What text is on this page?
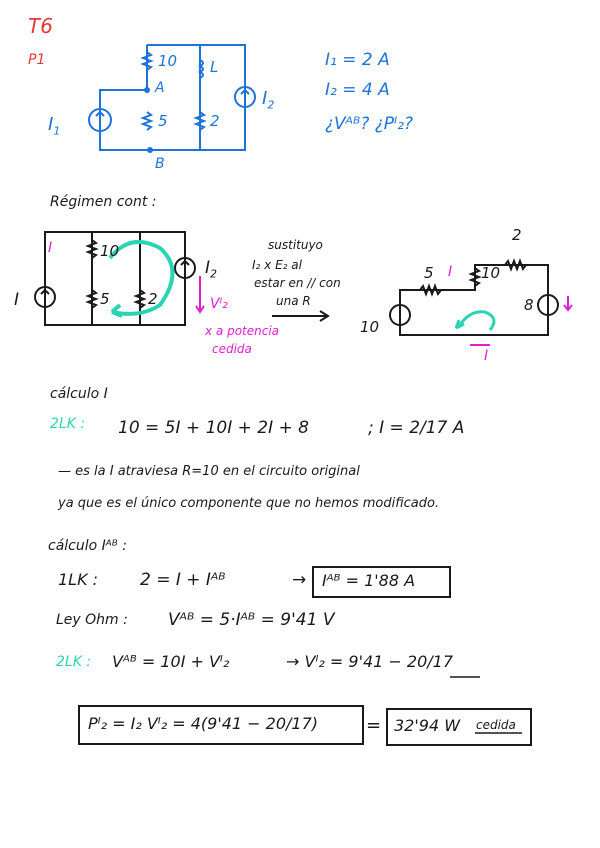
T6
P1	10 L
A
5	2
B
$I_1$
$I_2$
I₁ = 2 A
I₂ = 4 A
¿Vᴬᴮ? ¿Pᴵ₂?
Régimen cont :
I	10
5	2
I
$I_2$
Vᴵ₂
x a potencia
cedida
sustituyo
I₂ x E₂ al
estar en // con
una R
2
5 I 10
8
10
I
cálculo I
2LK : 10 = 5I + 10I + 2I + 8	; I = 2/17 A
— es la I atraviesa R=10 en el circuito original
ya que es el único componente que no hemos modificado.
cálculo Iᴬᴮ :
1LK : 2 = I + Iᴬᴮ	→ Iᴬᴮ = 1'88 A
Ley Ohm : Vᴬᴮ = 5·Iᴬᴮ = 9'41 V
2LK : Vᴬᴮ = 10I + Vᴵ₂	→ Vᴵ₂ = 9'41 − 20/17
Pᴵ₂ = I₂ Vᴵ₂ = 4(9'41 − 20/17)	= 32'94 W cedida
